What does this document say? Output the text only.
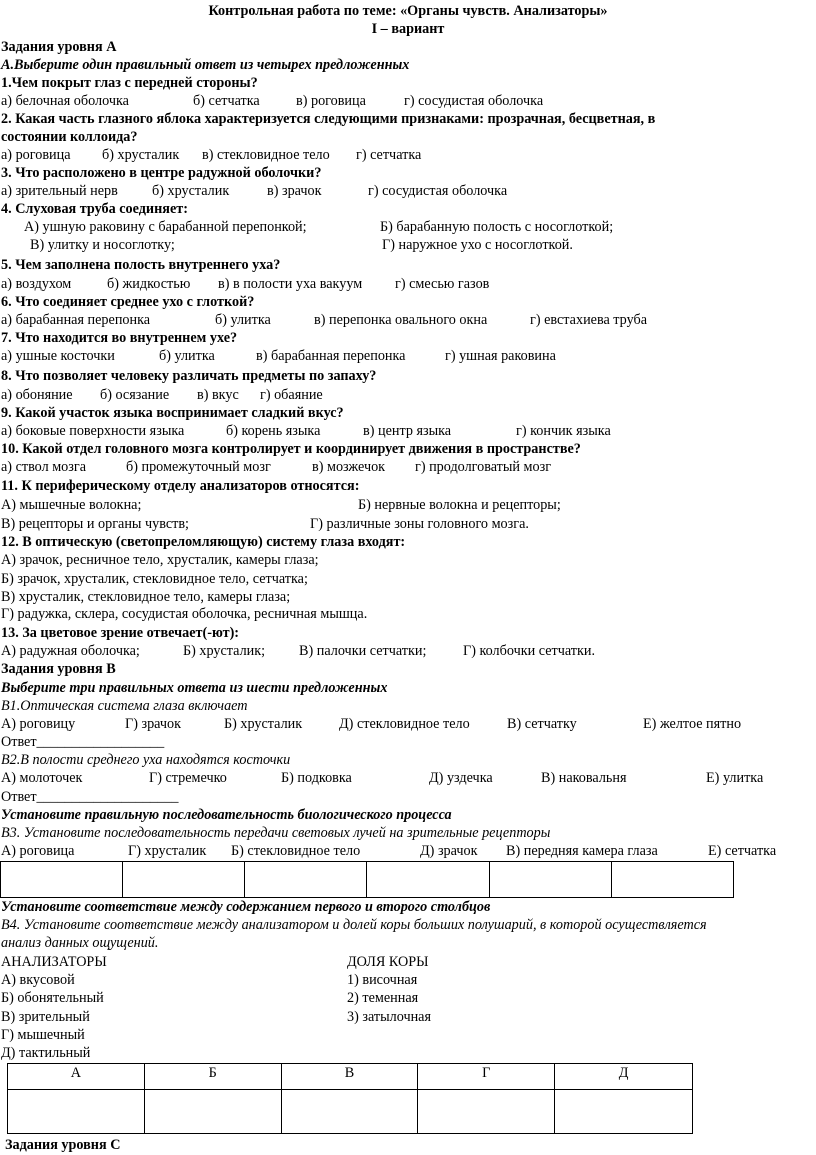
Контрольная работа по теме: «Органы чувств. Анализаторы»
I – вариант
Задания уровня А
А.Выберите один правильный ответ из четырех предложенных
1.Чем покрыт глаз с передней стороны?
а) белочная оболочка	б) сетчатка	в) роговица	г) сосудистая оболочка
2. Какая часть глазного яблока характеризуется следующими признаками: прозрачная, бесцветная, в
состоянии коллоида?
а) роговица б) хрусталик в) стекловидное тело г) сетчатка
3. Что расположено в центре радужной оболочки?
а) зрительный нерв б) хрусталик	в) зрачок	г) сосудистая оболочка
4. Слуховая труба соединяет:
А) ушную раковину с барабанной перепонкой;	Б) барабанную полость с носоглоткой;
В) улитку и носоглотку;	Г) наружное ухо с носоглоткой.
5. Чем заполнена полость внутреннего уха?
а) воздухом	б) жидкостью в) в полости уха вакуум г) смесью газов
6. Что соединяет среднее ухо с глоткой?
а) барабанная перепонка	б) улитка	в) перепонка овального окна	г) евстахиева труба
7. Что находится во внутреннем ухе?
а) ушные косточки	б) улитка	в) барабанная перепонка	г) ушная раковина
8. Что позволяет человеку различать предметы по запаху?
а) обоняние б) осязание в) вкус г) обаяние
9. Какой участок языка воспринимает сладкий вкус?
а) боковые поверхности языка	б) корень языка	в) центр языка	г) кончик языка
10. Какой отдел головного мозга контролирует и координирует движения в пространстве?
а) ствол мозга	б) промежуточный мозг	в) мозжечок г) продолговатый мозг
11. К периферическому отделу анализаторов относятся:
А) мышечные волокна;	Б) нервные волокна и рецепторы;
В) рецепторы и органы чувств;	Г) различные зоны головного мозга.
12. В оптическую (светопреломляющую) систему глаза входят:
А) зрачок, ресничное тело, хрусталик, камеры глаза;
Б) зрачок, хрусталик, стекловидное тело, сетчатка;
В) хрусталик, стекловидное тело, камеры глаза;
Г) радужка, склера, сосудистая оболочка, ресничная мышца.
13. За цветовое зрение отвечает(-ют):
А) радужная оболочка;	Б) хрусталик; В) палочки сетчатки;	Г) колбочки сетчатки.
Задания уровня В
Выберите три правильных ответа из шести предложенных
В1.Оптическая система глаза включает
А) роговицу	Г) зрачок	Б) хрусталик	Д) стекловидное тело	В) сетчатку	Е) желтое пятно
Ответ__________________
В2.В полости среднего уха находятся косточки
А) молоточек	Г) стремечко	Б) подковка	Д) уздечка	В) наковальня	Е) улитка
Ответ____________________
Установите правильную последовательность биологического процесса
В3. Установите последовательность передачи световых лучей на зрительные рецепторы
А) роговица	Г) хрусталик Б) стекловидное тело	Д) зрачок В) передняя камера глаза	Е) сетчатка

Установите соответствие между содержанием первого и второго столбцов
В4. Установите соответствие между анализатором и долей коры больших полушарий, в которой осуществляется
анализ данных ощущений.
АНАЛИЗАТОРЫ	ДОЛЯ КОРЫ
А) вкусовой	1) височная
Б) обонятельный	2) теменная
В) зрительный	3) затылочная
Г) мышечный
Д) тактильный
А	Б	В	Г	Д

Задания уровня С
